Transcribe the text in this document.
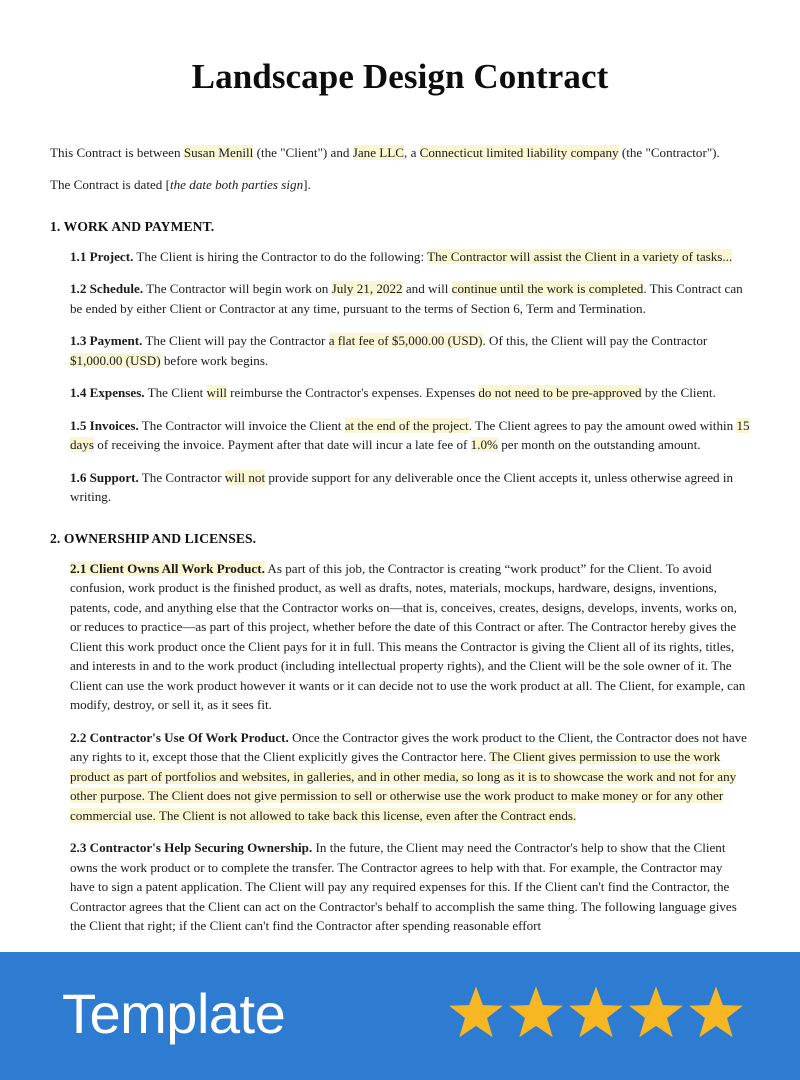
Landscape Design Contract
This Contract is between Susan Menill (the "Client") and Jane LLC, a Connecticut limited liability company (the "Contractor").
The Contract is dated [the date both parties sign].
1. WORK AND PAYMENT.
1.1 Project. The Client is hiring the Contractor to do the following: The Contractor will assist the Client in a variety of tasks...
1.2 Schedule. The Contractor will begin work on July 21, 2022 and will continue until the work is completed. This Contract can be ended by either Client or Contractor at any time, pursuant to the terms of Section 6, Term and Termination.
1.3 Payment. The Client will pay the Contractor a flat fee of $5,000.00 (USD). Of this, the Client will pay the Contractor $1,000.00 (USD) before work begins.
1.4 Expenses. The Client will reimburse the Contractor's expenses. Expenses do not need to be pre-approved by the Client.
1.5 Invoices. The Contractor will invoice the Client at the end of the project. The Client agrees to pay the amount owed within 15 days of receiving the invoice. Payment after that date will incur a late fee of 1.0% per month on the outstanding amount.
1.6 Support. The Contractor will not provide support for any deliverable once the Client accepts it, unless otherwise agreed in writing.
2. OWNERSHIP AND LICENSES.
2.1 Client Owns All Work Product. As part of this job, the Contractor is creating “work product” for the Client. To avoid confusion, work product is the finished product, as well as drafts, notes, materials, mockups, hardware, designs, inventions, patents, code, and anything else that the Contractor works on—that is, conceives, creates, designs, develops, invents, works on, or reduces to practice—as part of this project, whether before the date of this Contract or after. The Contractor hereby gives the Client this work product once the Client pays for it in full. This means the Contractor is giving the Client all of its rights, titles, and interests in and to the work product (including intellectual property rights), and the Client will be the sole owner of it. The Client can use the work product however it wants or it can decide not to use the work product at all. The Client, for example, can modify, destroy, or sell it, as it sees fit.
2.2 Contractor's Use Of Work Product. Once the Contractor gives the work product to the Client, the Contractor does not have any rights to it, except those that the Client explicitly gives the Contractor here. The Client gives permission to use the work product as part of portfolios and websites, in galleries, and in other media, so long as it is to showcase the work and not for any other purpose. The Client does not give permission to sell or otherwise use the work product to make money or for any other commercial use. The Client is not allowed to take back this license, even after the Contract ends.
2.3 Contractor's Help Securing Ownership. In the future, the Client may need the Contractor's help to show that the Client owns the work product or to complete the transfer. The Contractor agrees to help with that. For example, the Contractor may have to sign a patent application. The Client will pay any required expenses for this. If the Client can't find the Contractor, the Contractor agrees that the Client can act on the Contractor's behalf to accomplish the same thing. The following language gives the Client that right; if the Client can't find the Contractor after spending reasonable effort
Template
